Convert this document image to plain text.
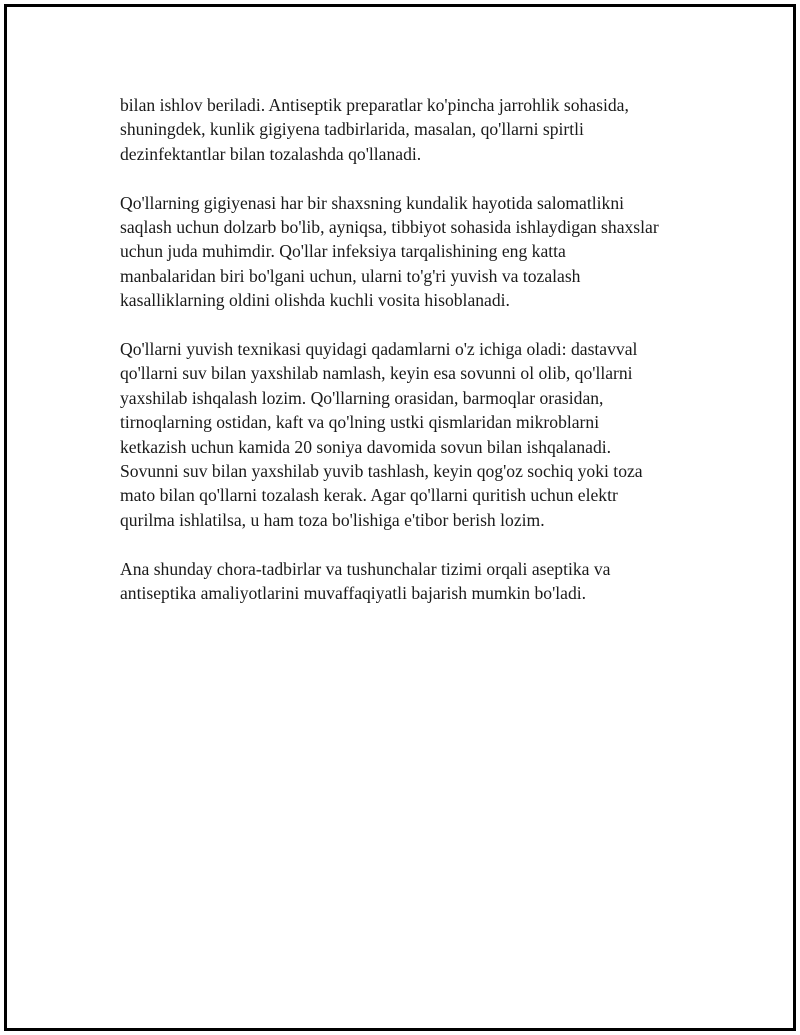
bilan ishlov beriladi. Antiseptik preparatlar ko'pincha jarrohlik sohasida,
shuningdek, kunlik gigiyena tadbirlarida, masalan, qo'llarni spirtli
dezinfektantlar bilan tozalashda qo'llanadi.

Qo'llarning gigiyenasi har bir shaxsning kundalik hayotida salomatlikni
saqlash uchun dolzarb bo'lib, ayniqsa, tibbiyot sohasida ishlaydigan shaxslar
uchun juda muhimdir. Qo'llar infeksiya tarqalishining eng katta
manbalaridan biri bo'lgani uchun, ularni to'g'ri yuvish va tozalash
kasalliklarning oldini olishda kuchli vosita hisoblanadi.

Qo'llarni yuvish texnikasi quyidagi qadamlarni o'z ichiga oladi: dastavval
qo'llarni suv bilan yaxshilab namlash, keyin esa sovunni ol olib, qo'llarni
yaxshilab ishqalash lozim. Qo'llarning orasidan, barmoqlar orasidan,
tirnoqlarning ostidan, kaft va qo'lning ustki qismlaridan mikroblarni
ketkazish uchun kamida 20 soniya davomida sovun bilan ishqalanadi.
Sovunni suv bilan yaxshilab yuvib tashlash, keyin qog'oz sochiq yoki toza
mato bilan qo'llarni tozalash kerak. Agar qo'llarni quritish uchun elektr
qurilma ishlatilsa, u ham toza bo'lishiga e'tibor berish lozim.

Ana shunday chora-tadbirlar va tushunchalar tizimi orqali aseptika va
antiseptika amaliyotlarini muvaffaqiyatli bajarish mumkin bo'ladi.
